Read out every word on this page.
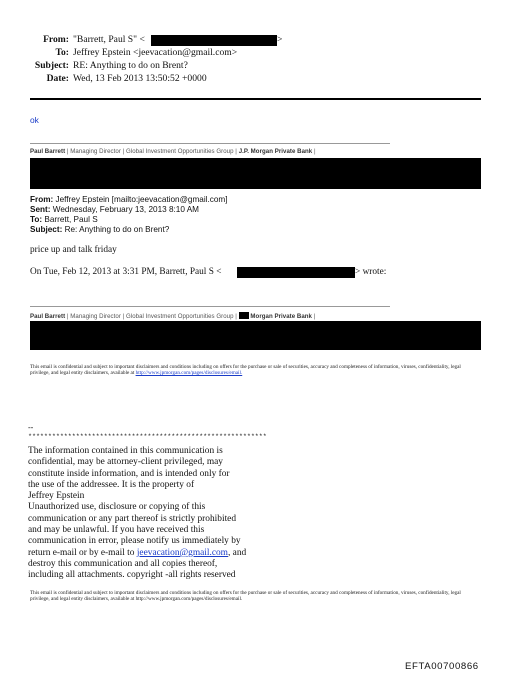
From: "Barrett, Paul S" <	>
To: Jeffrey Epstein <jeevacation@gmail.com>
Subject: RE: Anything to do on Brent?
Date: Wed, 13 Feb 2013 13:50:52 +0000
ok
Paul Barrett | Managing Director | Global Investment Opportunities Group | J.P. Morgan Private Bank |
From: Jeffrey Epstein [mailto:jeevacation@gmail.com]
Sent: Wednesday, February 13, 2013 8:10 AM
To: Barrett, Paul S
Subject: Re: Anything to do on Brent?
price up and talk friday
On Tue, Feb 12, 2013 at 3:31 PM, Barrett, Paul S <	> wrote:
Paul Barrett | Managing Director | Global Investment Opportunities Group |  Morgan Private Bank |
This email is confidential and subject to important disclaimers and conditions including on offers for the purchase or sale of securities, accuracy and completeness of information, viruses, confidentiality, legal privilege, and legal entity disclaimers, available at http://www.jpmorgan.com/pages/disclosures/email.
--
************************************************************
The information contained in this communication is
confidential, may be attorney-client privileged, may
constitute inside information, and is intended only for
the use of the addressee. It is the property of
Jeffrey Epstein
Unauthorized use, disclosure or copying of this
communication or any part thereof is strictly prohibited
and may be unlawful. If you have received this
communication in error, please notify us immediately by
return e-mail or by e-mail to jeevacation@gmail.com, and
destroy this communication and all copies thereof,
including all attachments. copyright -all rights reserved
This email is confidential and subject to important disclaimers and conditions including on offers for the purchase or sale of securities, accuracy and completeness of information, viruses, confidentiality, legal privilege, and legal entity disclaimers, available at http://www.jpmorgan.com/pages/disclosures/email.
EFTA00700866
